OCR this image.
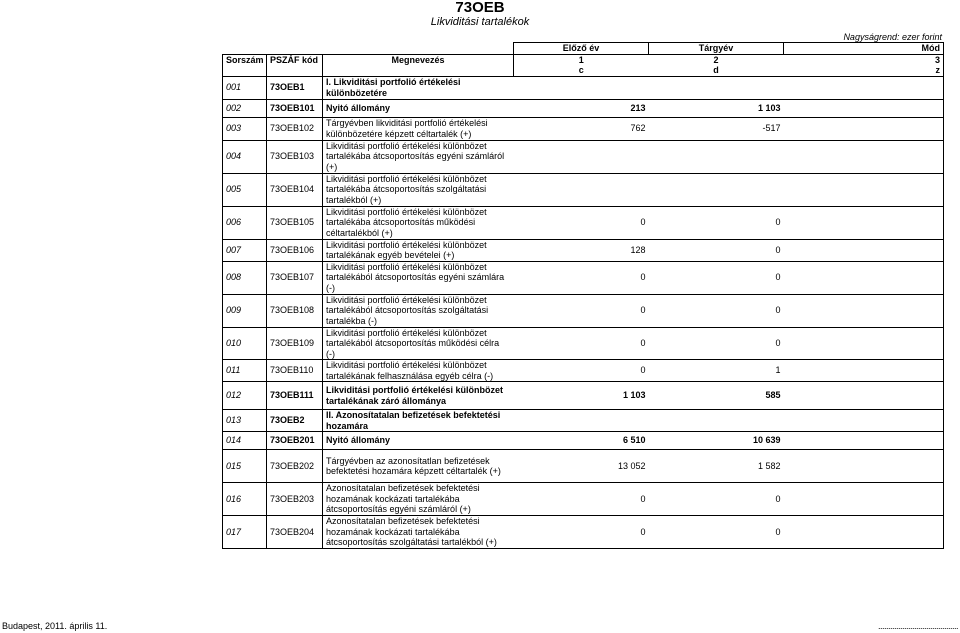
73OEB
Likviditási tartalékok
Nagyságrend: ezer forint
				Előző év	Tárgyév	Mód
Sorszám	PSZÁF kód	Megnevezés		1	2	3
				c	d	z
001	73OEB1	I. Likviditási portfolió értékelési különbözetére				
002	73OEB101	Nyitó állomány		213	1 103	
003	73OEB102	Tárgyévben likviditási portfolió értékelési különbözetére képzett céltartalék (+)		762	-517	
004	73OEB103	Likviditási portfolió értékelési különbözet tartalékába átcsoportosítás egyéni számláról (+)				
005	73OEB104	Likviditási portfolió értékelési különbözet tartalékába átcsoportosítás szolgáltatási tartalékból (+)				
006	73OEB105	Likviditási portfolió értékelési különbözet tartalékába átcsoportosítás működési céltartalékból (+)		0	0	
007	73OEB106	Likviditási portfolió értékelési különbözet tartalékának egyéb bevételei (+)		128	0	
008	73OEB107	Likviditási portfolió értékelési különbözet tartalékából átcsoportosítás egyéni számlára (-)		0	0	
009	73OEB108	Likviditási portfolió értékelési különbözet tartalékából átcsoportosítás szolgáltatási tartalékba (-)		0	0	
010	73OEB109	Likviditási portfolió értékelési különbözet tartalékából átcsoportosítás működési célra (-)		0	0	
011	73OEB110	Likviditási portfolió értékelési különbözet tartalékának felhasználása egyéb célra (-)		0	1	
012	73OEB111	Likviditási portfolió értékelési különbözet tartalékának záró állománya		1 103	585	
013	73OEB2	II. Azonosítatalan befizetések befektetési hozamára				
014	73OEB201	Nyitó állomány		6 510	10 639	
015	73OEB202	Tárgyévben az azonosítatlan befizetések befektetési hozamára képzett céltartalék (+)		13 052	1 582	
016	73OEB203	Azonosítatalan befizetések befektetési hozamának kockázati tartalékába átcsoportosítás egyéni számláról (+)		0	0	
017	73OEB204	Azonosítatalan befizetések befektetési hozamának kockázati tartalékába átcsoportosítás szolgáltatási tartalékból (+)		0	0	
Budapest, 2011. április 11.	........................................
